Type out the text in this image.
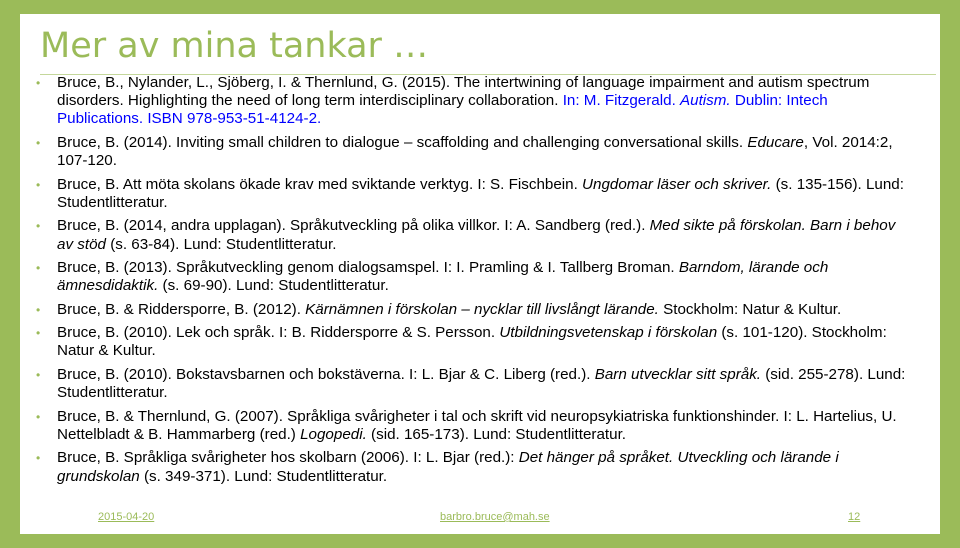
Mer av mina tankar …
• Bruce, B., Nylander, L., Sjöberg, I. & Thernlund, G. (2015). The intertwining of language impairment and autism spectrum disorders. Highlighting the need of long term interdisciplinary collaboration. In: M. Fitzgerald. Autism. Dublin: Intech Publications. ISBN 978-953-51-4124-2.
• Bruce, B. (2014). Inviting small children to dialogue – scaffolding and challenging conversational skills. Educare, Vol. 2014:2, 107-120.
• Bruce, B. Att möta skolans ökade krav med sviktande verktyg. I: S. Fischbein. Ungdomar läser och skriver. (s. 135-156). Lund: Studentlitteratur.
• Bruce, B. (2014, andra upplagan). Språkutveckling på olika villkor. I: A. Sandberg (red.). Med sikte på förskolan. Barn i behov av stöd (s. 63-84). Lund: Studentlitteratur.
• Bruce, B. (2013). Språkutveckling genom dialogsamspel. I: I. Pramling & I. Tallberg Broman. Barndom, lärande och ämnesdidaktik. (s. 69-90). Lund: Studentlitteratur.
• Bruce, B. & Riddersporre, B. (2012). Kärnämnen i förskolan – nycklar till livslångt lärande. Stockholm: Natur & Kultur.
• Bruce, B. (2010). Lek och språk. I: B. Riddersporre & S. Persson. Utbildningsvetenskap i förskolan (s. 101-120). Stockholm: Natur & Kultur.
• Bruce, B. (2010). Bokstavsbarnen och bokstäverna. I: L. Bjar & C. Liberg (red.). Barn utvecklar sitt språk. (sid. 255-278). Lund: Studentlitteratur.
• Bruce, B. & Thernlund, G. (2007). Språkliga svårigheter i tal och skrift vid neuropsykiatriska funktionshinder. I: L. Hartelius, U. Nettelbladt & B. Hammarberg (red.) Logopedi. (sid. 165-173). Lund: Studentlitteratur.
• Bruce, B. Språkliga svårigheter hos skolbarn (2006). I: L. Bjar (red.): Det hänger på språket. Utveckling och lärande i grundskolan (s. 349-371). Lund: Studentlitteratur.
2015-04-20	barbro.bruce@mah.se	12
